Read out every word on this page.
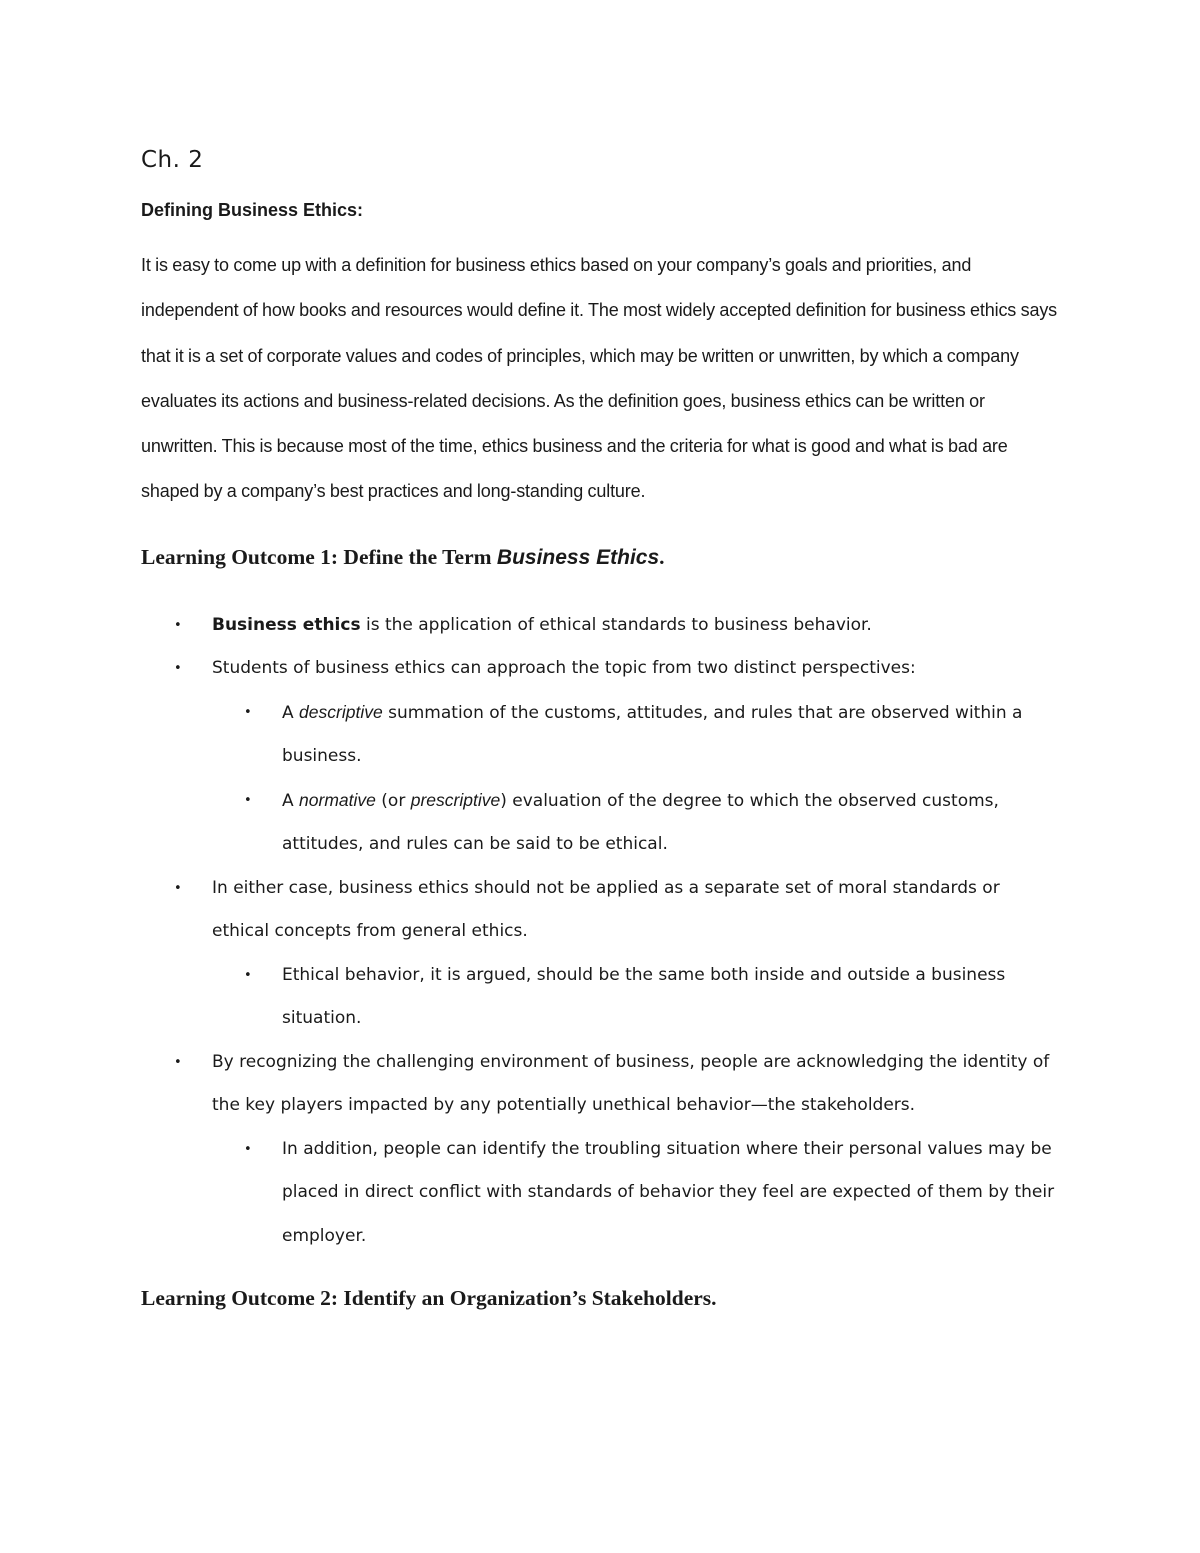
Ch. 2
Defining Business Ethics:

It is easy to come up with a definition for business ethics based on your company’s goals and priorities, and independent of how books and resources would define it. The most widely accepted definition for business ethics says that it is a set of corporate values and codes of principles, which may be written or unwritten, by which a company evaluates its actions and business-related decisions. As the definition goes, business ethics can be written or unwritten. This is because most of the time, ethics business and the criteria for what is good and what is bad are shaped by a company’s best practices and long-standing culture.

Learning Outcome 1: Define the Term Business Ethics.
• Business ethics is the application of ethical standards to business behavior.
• Students of business ethics can approach the topic from two distinct perspectives:
• A descriptive summation of the customs, attitudes, and rules that are observed within a business.
• A normative (or prescriptive) evaluation of the degree to which the observed customs, attitudes, and rules can be said to be ethical.
• In either case, business ethics should not be applied as a separate set of moral standards or ethical concepts from general ethics.
• Ethical behavior, it is argued, should be the same both inside and outside a business situation.
• By recognizing the challenging environment of business, people are acknowledging the identity of the key players impacted by any potentially unethical behavior—the stakeholders.
• In addition, people can identify the troubling situation where their personal values may be placed in direct conflict with standards of behavior they feel are expected of them by their employer.
Learning Outcome 2: Identify an Organization’s Stakeholders.
